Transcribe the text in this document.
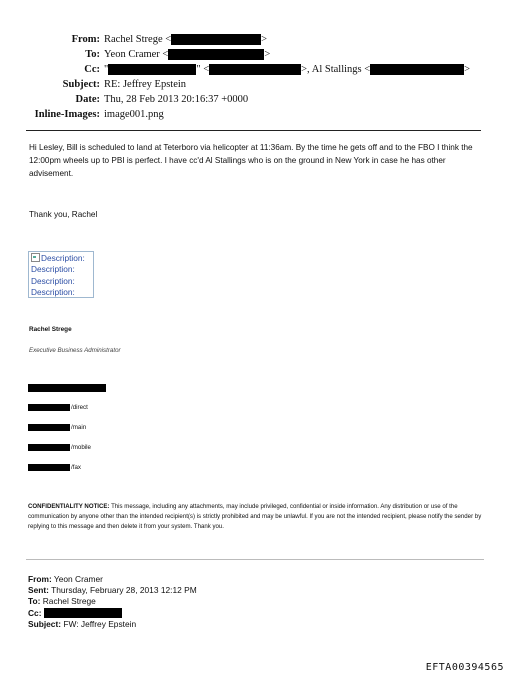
From: Rachel Strege <	>
To: Yeon Cramer <	>
Cc: "	" <	>, Al Stallings <	>
Subject: RE: Jeffrey Epstein
Date: Thu, 28 Feb 2013 20:16:37 +0000
Inline-Images: image001.png
Hi Lesley, Bill is scheduled to land at Teterboro via helicopter at 11:36am. By the time he gets off and to the FBO I think the 12:00pm wheels up to PBI is perfect. I have cc'd Al Stallings who is on the ground in New York in case he has other advisement.
Thank you, Rachel
Description:
Description:
Description:
Description:
Rachel Strege
Executive Business Administrator
/direct
/main
/mobile
/fax
CONFIDENTIALITY NOTICE: This message, including any attachments, may include privileged, confidential or inside information. Any distribution or use of the communication by anyone other than the intended recipient(s) is strictly prohibited and may be unlawful. If you are not the intended recipient, please notify the sender by replying to this message and then delete it from your system. Thank you.
From: Yeon Cramer
Sent: Thursday, February 28, 2013 12:12 PM
To: Rachel Strege
Cc:
Subject: FW: Jeffrey Epstein
EFTA00394565
